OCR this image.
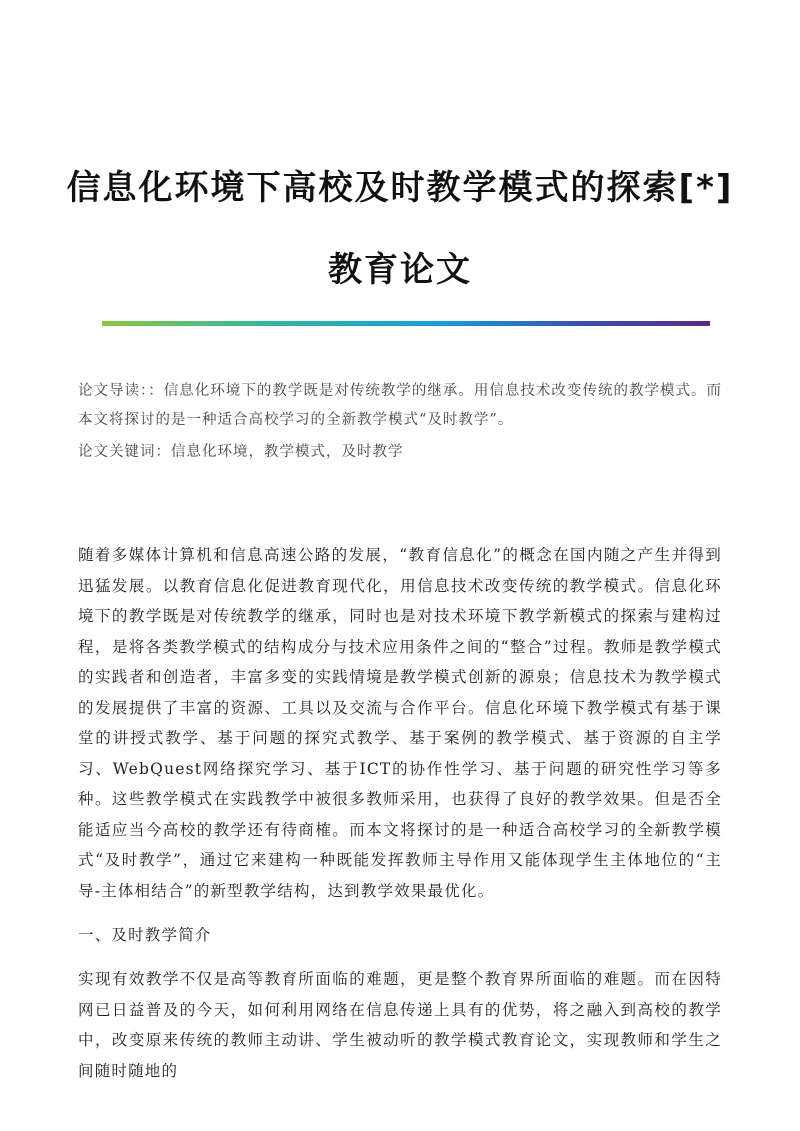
信息化环境下高校及时教学模式的探索[*]
教育论文

论文导读：：信息化环境下的教学既是对传统教学的继承。用信息技术改变传统的教学模式。而本文将探讨的是一种适合高校学习的全新教学模式“及时教学”。

论文关键词：信息化环境，教学模式，及时教学

随着多媒体计算机和信息高速公路的发展，“教育信息化”的概念在国内随之产生并得到迅猛发展。以教育信息化促进教育现代化，用信息技术改变传统的教学模式。信息化环境下的教学既是对传统教学的继承，同时也是对技术环境下教学新模式的探索与建构过程，是将各类教学模式的结构成分与技术应用条件之间的“整合”过程。教师是教学模式的实践者和创造者，丰富多变的实践情境是教学模式创新的源泉；信息技术为教学模式的发展提供了丰富的资源、工具以及交流与合作平台。信息化环境下教学模式有基于课堂的讲授式教学、基于问题的探究式教学、基于案例的教学模式、基于资源的自主学习、WebQuest网络探究学习、基于ICT的协作性学习、基于问题的研究性学习等多种。这些教学模式在实践教学中被很多教师采用，也获得了良好的教学效果。但是否全能适应当今高校的教学还有待商榷。而本文将探讨的是一种适合高校学习的全新教学模式“及时教学”，通过它来建构一种既能发挥教师主导作用又能体现学生主体地位的“主导-主体相结合”的新型教学结构，达到教学效果最优化。

一、及时教学简介

实现有效教学不仅是高等教育所面临的难题，更是整个教育界所面临的难题。而在因特网已日益普及的今天，如何利用网络在信息传递上具有的优势，将之融入到高校的教学中，改变原来传统的教师主动讲、学生被动听的教学模式教育论文，实现教师和学生之间随时随地的
